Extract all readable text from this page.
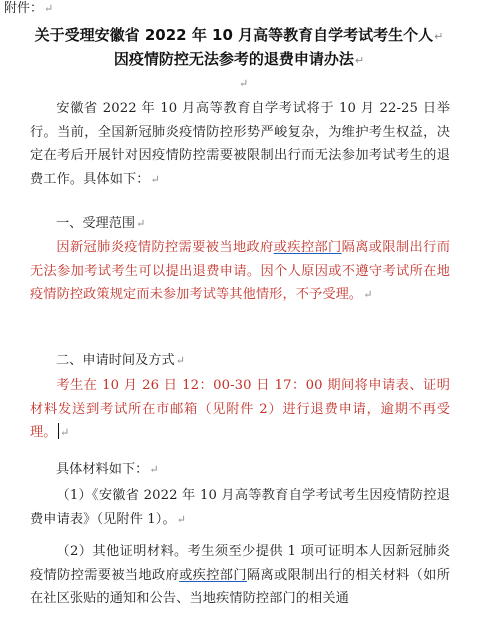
附件：↵
关于受理安徽省 2022 年 10 月高等教育自学考试考生个人↵
因疫情防控无法参考的退费申请办法↵
↵
安徽省 2022 年 10 月高等教育自学考试将于 10 月 22-25 日举行。当前，全国新冠肺炎疫情防控形势严峻复杂，为维护考生权益，决定在考后开展针对因疫情防控需要被限制出行而无法参加考试考生的退费工作。具体如下：↵
一、受理范围↵
因新冠肺炎疫情防控需要被当地政府或疾控部门隔离或限制出行而无法参加考试考生可以提出退费申请。因个人原因或不遵守考试所在地疫情防控政策规定而未参加考试等其他情形，不予受理。↵
二、申请时间及方式↵
考生在 10 月 26 日 12：00-30 日 17：00 期间将申请表、证明材料发送到考试所在市邮箱（见附件 2）进行退费申请，逾期不再受理。 ↵
具体材料如下：↵
（1）《安徽省 2022 年 10 月高等教育自学考试考生因疫情防控退费申请表》（见附件 1）。↵
（2）其他证明材料。考生须至少提供 1 项可证明本人因新冠肺炎疫情防控需要被当地政府或疾控部门隔离或限制出行的相关材料（如所在社区张贴的通知和公告、当地疾情防控部门的相关通
